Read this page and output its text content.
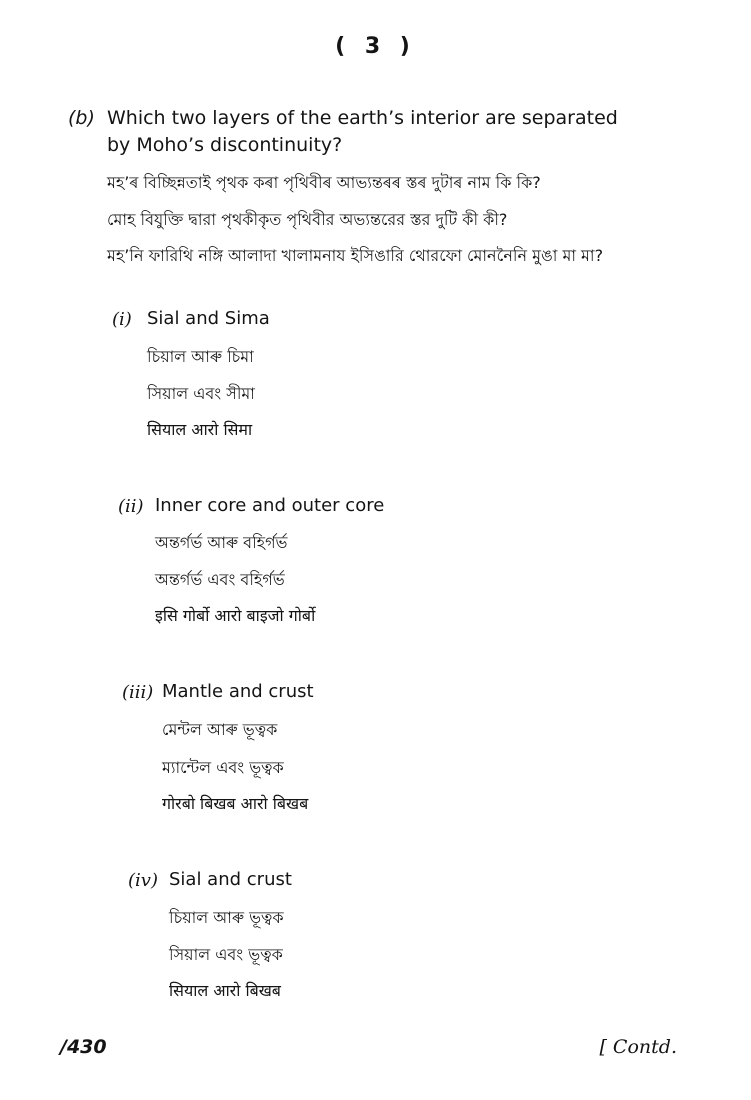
( 3 )
(b) Which two layers of the earth’s interior are separated
by Moho’s discontinuity?
মহ’ৰ বিচ্ছিন্নতাই পৃথক কৰা পৃথিবীৰ আভ্যন্তৰৰ স্তৰ দুটাৰ নাম কি কি?
মোহ বিযুক্তি দ্বারা পৃথকীকৃত পৃথিবীর অভ্যন্তরের স্তর দুটি কী কী?
মহ’নি ফারিথি নঙ্গি আলাদা খালামনায ইসিঙারি থোরফো মোননৈনি মুঙা মা মা?
(i) Sial and Sima
চিয়াল আৰু চিমা
সিয়াল এবং সীমা
सियाल आरो सिमा
(ii) Inner core and outer core
অন্তৰ্গৰ্ভ আৰু বহিৰ্গৰ্ভ
অন্তর্গর্ভ এবং বহির্গর্ভ
इसि गोर्बो आरो बाइजो गोर्बो
(iii) Mantle and crust
মেন্টল আৰু ভূত্বক
ম্যান্টেল এবং ভূত্বক
गोरबो बिखब आरो बिखब
(iv) Sial and crust
চিয়াল আৰু ভূত্বক
সিয়াল এবং ভূত্বক
सियाल आरो बिखब
/430	[ Contd.
